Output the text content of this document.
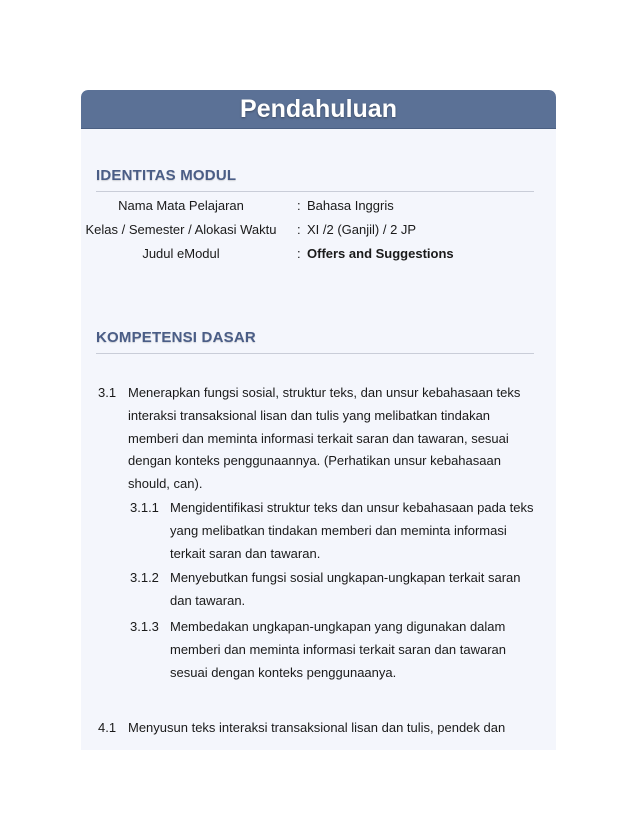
Pendahuluan
IDENTITAS MODUL
Nama Mata Pelajaran	: Bahasa Inggris
Kelas / Semester / Alokasi Waktu	: XI /2 (Ganjil) / 2 JP
Judul eModul	: Offers and Suggestions
KOMPETENSI DASAR
3.1 Menerapkan fungsi sosial, struktur teks, dan unsur kebahasaan teks
interaksi transaksional lisan dan tulis yang melibatkan tindakan
memberi dan meminta informasi terkait saran dan tawaran, sesuai
dengan konteks penggunaannya. (Perhatikan unsur kebahasaan
should, can).
3.1.1 Mengidentifikasi struktur teks dan unsur kebahasaan pada teks
yang melibatkan tindakan memberi dan meminta informasi
terkait saran dan tawaran.
3.1.2 Menyebutkan fungsi sosial ungkapan-ungkapan terkait saran
dan tawaran.
3.1.3 Membedakan ungkapan-ungkapan yang digunakan dalam
memberi dan meminta informasi terkait saran dan tawaran
sesuai dengan konteks penggunaanya.
4.1 Menyusun teks interaksi transaksional lisan dan tulis, pendek dan
